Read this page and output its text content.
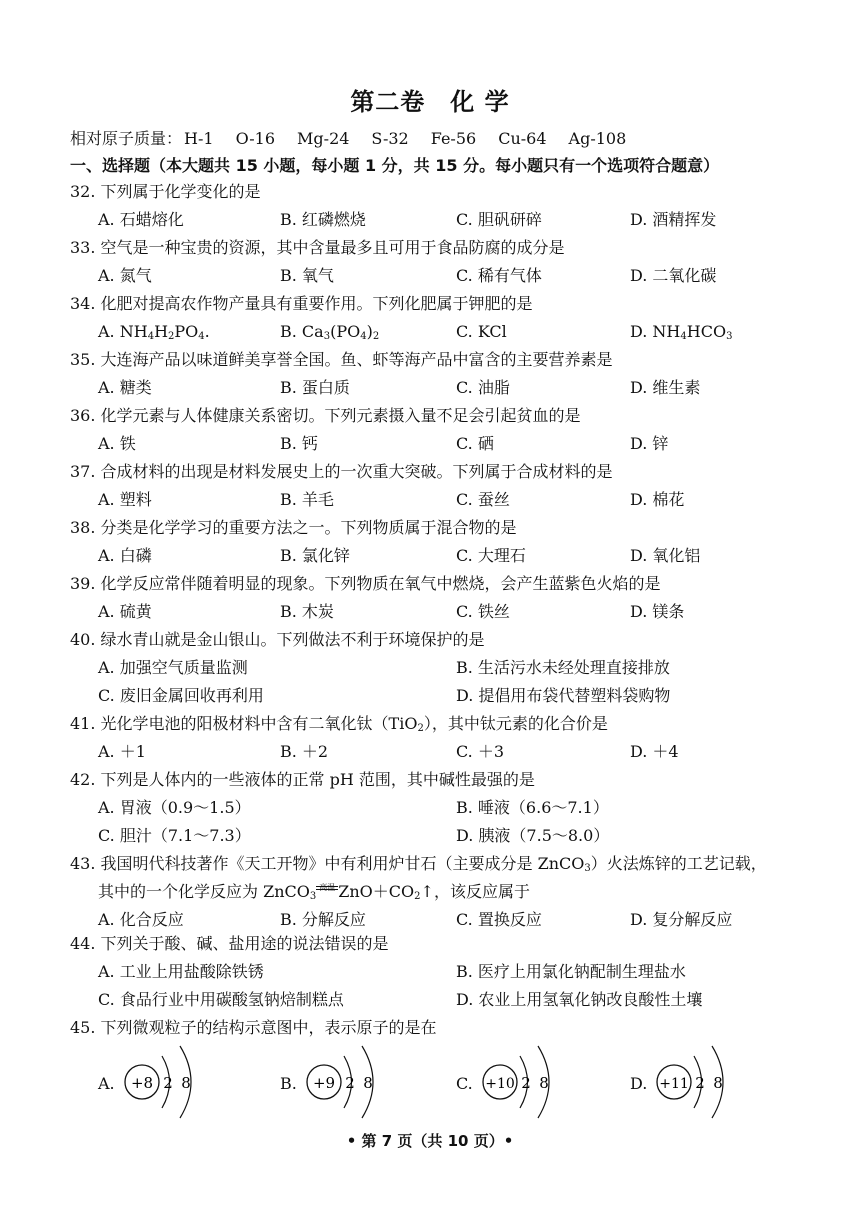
第二卷　化 学
相对原子质量： H-1 O-16 Mg-24 S-32 Fe-56 Cu-64 Ag-108
一、选择题（本大题共 15 小题，每小题 1 分，共 15 分。每小题只有一个选项符合题意）
32. 下列属于化学变化的是
A. 石蜡熔化	B. 红磷燃烧	C. 胆矾研碎	D. 酒精挥发
33. 空气是一种宝贵的资源，其中含量最多且可用于食品防腐的成分是
A. 氮气	B. 氧气	C. 稀有气体	D. 二氧化碳
34. 化肥对提高农作物产量具有重要作用。下列化肥属于钾肥的是
A. $NH_4H_2PO_4$.	B. $Ca_3(PO_4)_2$	C. KCl	D. $NH_4HCO_3$
35. 大连海产品以味道鲜美享誉全国。鱼、虾等海产品中富含的主要营养素是
A. 糖类	B. 蛋白质	C. 油脂	D. 维生素
36. 化学元素与人体健康关系密切。下列元素摄入量不足会引起贫血的是
A. 铁	B. 钙	C. 硒	D. 锌
37. 合成材料的出现是材料发展史上的一次重大突破。下列属于合成材料的是
A. 塑料	B. 羊毛	C. 蚕丝	D. 棉花
38. 分类是化学学习的重要方法之一。下列物质属于混合物的是
A. 白磷	B. 氯化锌	C. 大理石	D. 氧化铝
39. 化学反应常伴随着明显的现象。下列物质在氧气中燃烧，会产生蓝紫色火焰的是
A. 硫黄	B. 木炭	C. 铁丝	D. 镁条
40. 绿水青山就是金山银山。下列做法不利于环境保护的是
A. 加强空气质量监测	B. 生活污水未经处理直接排放
C. 废旧金属回收再利用	D. 提倡用布袋代替塑料袋购物
41. 光化学电池的阳极材料中含有二氧化钛（TiO$_2$），其中钛元素的化合价是
A. ＋1	B. ＋2	C. ＋3	D. ＋4
42. 下列是人体内的一些液体的正常 pH 范围，其中碱性最强的是
A. 胃液（0.9～1.5）	B. 唾液（6.6～7.1）
C. 胆汁（7.1～7.3）	D. 胰液（7.5～8.0）
43. 我国明代科技著作《天工开物》中有利用炉甘石（主要成分是 ZnCO$_3$）火法炼锌的工艺记载，
其中的一个化学反应为 ZnCO$_3$
高温 $ZnO+CO_2↑$，该反应属于
A. 化合反应	B. 分解反应	C. 置换反应	D. 复分解反应
44. 下列关于酸、碱、盐用途的说法错误的是
A. 工业上用盐酸除铁锈	B. 医疗上用氯化钠配制生理盐水
C. 食品行业中用碳酸氢钠焙制糕点	D. 农业上用氢氧化钠改良酸性土壤
45. 下列微观粒子的结构示意图中，表示原子的是在
A. +8 2 8	B. +9 2 8	C. +10 2 8	D. +11 2 8
• 第 7 页（共 10 页）•
